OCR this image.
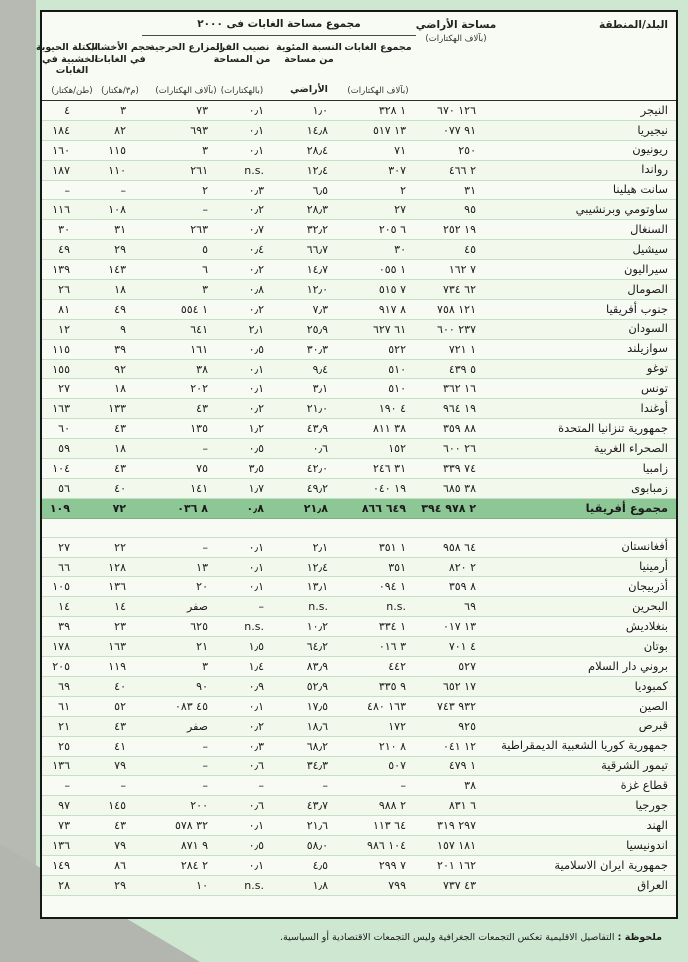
البلد/المنطقة
مساحة الأراضي
(بآلاف الهكتارات)
مجموع مساحة الغابات فى ٢٠٠٠
مجموع الغابات
(بآلاف الهكتارات)
النسبة المئوية
من مساحة
الأراضي
نصيب الفرد
من المساحة
(بالهكتارات)
المزارع الحرجية
(بآلاف الهكتارات)
حجم الأخشاب
في الغابات
(م٣/هكتار)
الكتلة الحيوية
الخشبية في
الغابات
(طن/هكتار)
النيجر
١٢٦ ٦٧٠
١ ٣٢٨
١٫٠
٠٫١
٧٣
٣
٤
نيجيريا
٩١ ٠٧٧
١٣ ٥١٧
١٤٫٨
٠٫١
٦٩٣
٨٢
١٨٤
ريونيون
٢٥٠
٧١
٢٨٫٤
٠٫١
٣
١١٥
١٦٠
رواندا
٢ ٤٦٦
٣٠٧
١٢٫٤
n.s.
٢٦١
١١٠
١٨٧
سانت هيلينا
٣١
٢
٦٫٥
٠٫٣
٢
–
–
ساوتومي وبرنشيبي
٩٥
٢٧
٢٨٫٣
٠٫٢
–
١٠٨
١١٦
السنغال
١٩ ٢٥٢
٦ ٢٠٥
٣٢٫٢
٠٫٧
٢٦٣
٣١
٣٠
سيشيل
٤٥
٣٠
٦٦٫٧
٠٫٤
٥
٢٩
٤٩
سيراليون
٧ ١٦٢
١ ٠٥٥
١٤٫٧
٠٫٢
٦
١٤٣
١٣٩
الصومال
٦٢ ٧٣٤
٧ ٥١٥
١٢٫٠
٠٫٨
٣
١٨
٢٦
جنوب أفريقيا
١٢١ ٧٥٨
٨ ٩١٧
٧٫٣
٠٫٢
١ ٥٥٤
٤٩
٨١
السودان
٢٣٧ ٦٠٠
٦١ ٦٢٧
٢٥٫٩
٢٫١
٦٤١
٩
١٢
سوازيلند
١ ٧٢١
٥٢٢
٣٠٫٣
٠٫٥
١٦١
٣٩
١١٥
توغو
٥ ٤٣٩
٥١٠
٩٫٤
٠٫١
٣٨
٩٢
١٥٥
تونس
١٦ ٣٦٢
٥١٠
٣٫١
٠٫١
٢٠٢
١٨
٢٧
أوغندا
١٩ ٩٦٤
٤ ١٩٠
٢١٫٠
٠٫٢
٤٣
١٣٣
١٦٣
جمهورية تنزانيا المتحدة
٨٨ ٣٥٩
٣٨ ٨١١
٤٣٫٩
١٫٢
١٣٥
٤٣
٦٠
الصحراء الغربية
٢٦ ٦٠٠
١٥٢
٠٫٦
٠٫٥
–
١٨
٥٩
زامبيا
٧٤ ٣٣٩
٣١ ٢٤٦
٤٢٫٠
٣٫٥
٧٥
٤٣
١٠٤
زمبابوى
٣٨ ٦٨٥
١٩ ٠٤٠
٤٩٫٢
١٫٧
١٤١
٤٠
٥٦
مجموع أفريقيا
٢ ٩٧٨ ٣٩٤
٦٤٩ ٨٦٦
٢١٫٨
٠٫٨
٨ ٠٣٦
٧٢
١٠٩
أفغانستان
٦٤ ٩٥٨
١ ٣٥١
٢٫١
٠٫١
–
٢٢
٢٧
أرمينيا
٢ ٨٢٠
٣٥١
١٢٫٤
٠٫١
١٣
١٢٨
٦٦
أذربيجان
٨ ٣٥٩
١ ٠٩٤
١٣٫١
٠٫١
٢٠
١٣٦
١٠٥
البحرين
٦٩
n.s.
n.s.
–
صفر
١٤
١٤
بنغلاديش
١٣ ٠١٧
١ ٣٣٤
١٠٫٢
n.s.
٦٢٥
٢٣
٣٩
بوتان
٤ ٧٠١
٣ ٠١٦
٦٤٫٢
١٫٥
٢١
١٦٣
١٧٨
بروني دار السلام
٥٢٧
٤٤٢
٨٣٫٩
١٫٤
٣
١١٩
٢٠٥
كمبوديا
١٧ ٦٥٢
٩ ٣٣٥
٥٢٫٩
٠٫٩
٩٠
٤٠
٦٩
الصين
٩٣٢ ٧٤٣
١٦٣ ٤٨٠
١٧٫٥
٠٫١
٤٥ ٠٨٣
٥٢
٦١
قبرص
٩٢٥
١٧٢
١٨٫٦
٠٫٢
صفر
٤٣
٢١
جمهورية كوريا الشعبية الديمقراطية
١٢ ٠٤١
٨ ٢١٠
٦٨٫٢
٠٫٣
–
٤١
٢٥
تيمور الشرقية
١ ٤٧٩
٥٠٧
٣٤٫٣
٠٫٦
–
٧٩
١٣٦
قطاع غزة
٣٨
–
–
–
–
–
–
جورجيا
٦ ٨٣١
٢ ٩٨٨
٤٣٫٧
٠٫٦
٢٠٠
١٤٥
٩٧
الهند
٢٩٧ ٣١٩
٦٤ ١١٣
٢١٫٦
٠٫١
٣٢ ٥٧٨
٤٣
٧٣
اندونيسيا
١٨١ ١٥٧
١٠٤ ٩٨٦
٥٨٫٠
٠٫٥
٩ ٨٧١
٧٩
١٣٦
جمهورية ايران الاسلامية
١٦٢ ٢٠١
٧ ٢٩٩
٤٫٥
٠٫١
٢ ٢٨٤
٨٦
١٤٩
العراق
٤٣ ٧٣٧
٧٩٩
١٫٨
n.s.
١٠
٢٩
٢٨
ملحوظة : التفاصيل الاقليمية تعكس التجمعات الجغرافية وليس التجمعات الاقتصادية أو السياسية.
